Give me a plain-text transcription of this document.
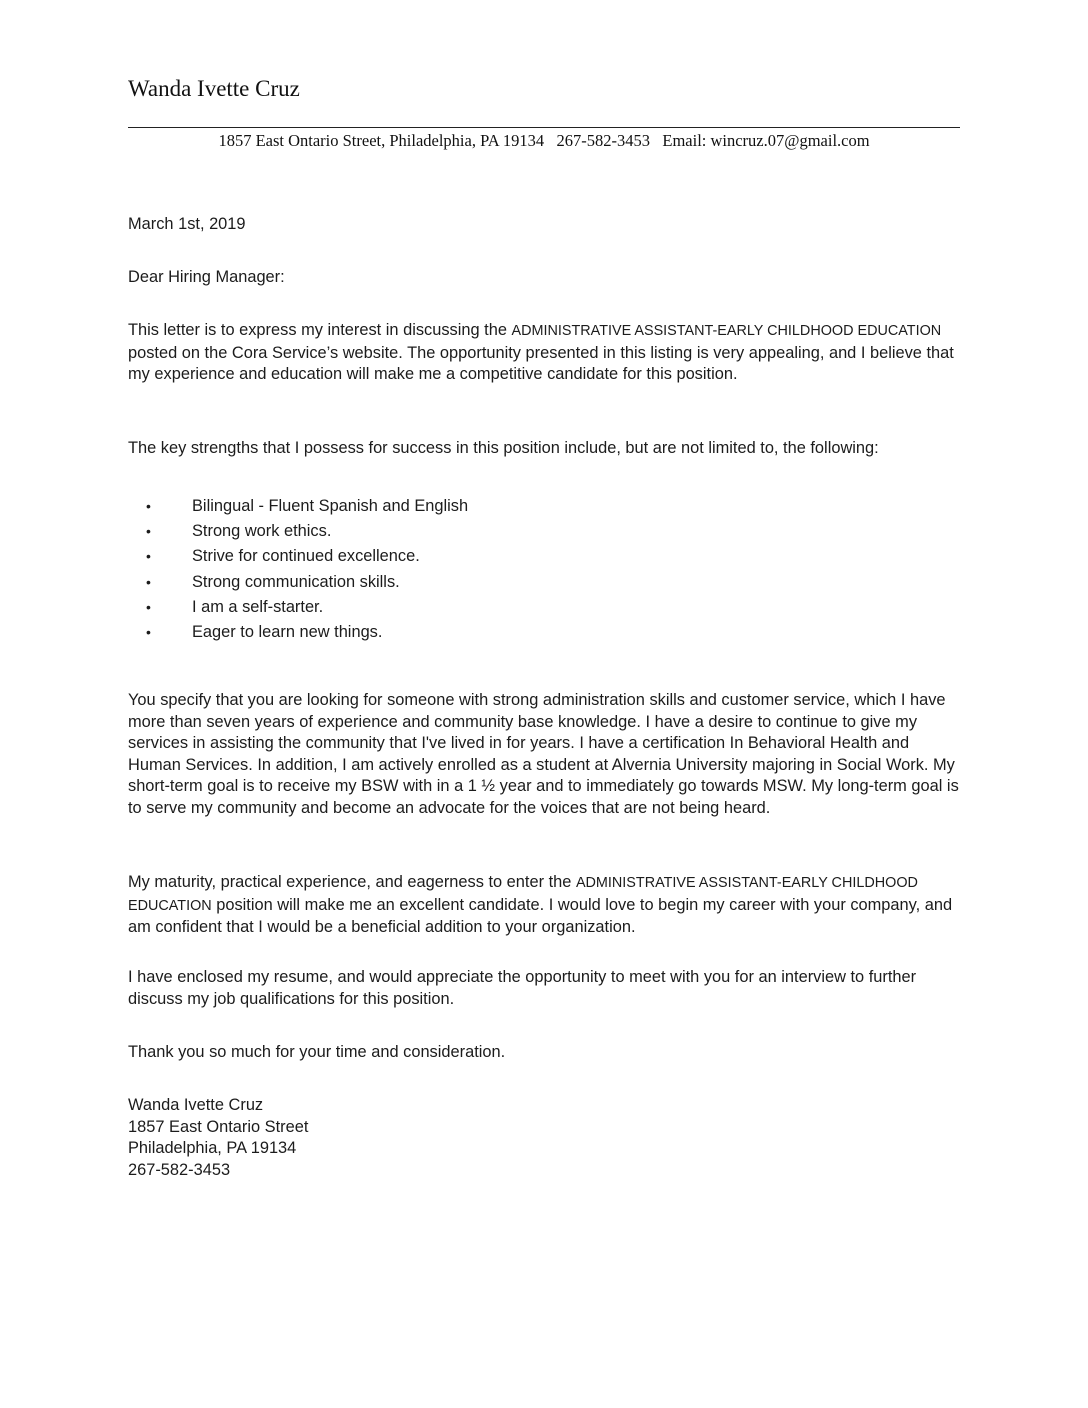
Wanda Ivette Cruz
1857 East Ontario Street, Philadelphia, PA 19134   267-582-3453   Email: wincruz.07@gmail.com
March 1st, 2019
Dear Hiring Manager:
This letter is to express my interest in discussing the ADMINISTRATIVE ASSISTANT-EARLY CHILDHOOD EDUCATION posted on the Cora Service’s website. The opportunity presented in this listing is very appealing, and I believe that my experience and education will make me a competitive candidate for this position.
The key strengths that I possess for success in this position include, but are not limited to, the following:
•	Bilingual - Fluent Spanish and English
•	Strong work ethics.
•	Strive for continued excellence.
•	Strong communication skills.
•	I am a self-starter.
•	Eager to learn new things.
You specify that you are looking for someone with strong administration skills and customer service, which I have more than seven years of experience and community base knowledge. I have a desire to continue to give my services in assisting the community that I've lived in for years. I have a certification In Behavioral Health and Human Services. In addition, I am actively enrolled as a student at Alvernia University majoring in Social Work. My short-term goal is to receive my BSW with in a 1 ½ year and to immediately go towards MSW. My long-term goal is to serve my community and become an advocate for the voices that are not being heard.
My maturity, practical experience, and eagerness to enter the ADMINISTRATIVE ASSISTANT-EARLY CHILDHOOD EDUCATION position will make me an excellent candidate. I would love to begin my career with your company, and am confident that I would be a beneficial addition to your organization.
I have enclosed my resume, and would appreciate the opportunity to meet with you for an interview to further discuss my job qualifications for this position.
Thank you so much for your time and consideration.
Wanda Ivette Cruz
1857 East Ontario Street
Philadelphia, PA 19134
267-582-3453
